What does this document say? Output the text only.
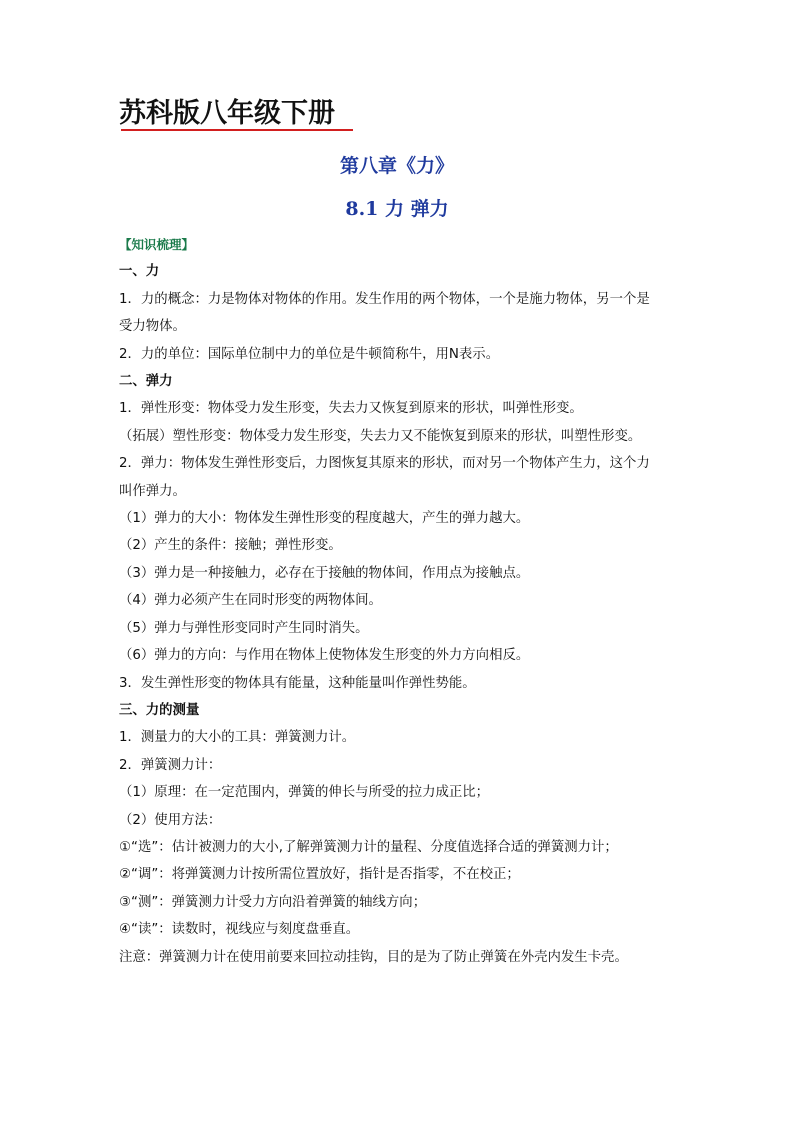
苏科版八年级下册
第八章《力》
8.1 力 弹力

【知识梳理】

一、力

1．力的概念：力是物体对物体的作用。发生作用的两个物体，一个是施力物体，另一个是

受力物体。

2．力的单位：国际单位制中力的单位是牛顿简称牛，用N表示。

二、弹力

1．弹性形变：物体受力发生形变，失去力又恢复到原来的形状，叫弹性形变。

（拓展）塑性形变：物体受力发生形变，失去力又不能恢复到原来的形状，叫塑性形变。

2．弹力：物体发生弹性形变后，力图恢复其原来的形状，而对另一个物体产生力，这个力

叫作弹力。

（1）弹力的大小：物体发生弹性形变的程度越大，产生的弹力越大。

（2）产生的条件：接触；弹性形变。

（3）弹力是一种接触力，必存在于接触的物体间，作用点为接触点。

（4）弹力必须产生在同时形变的两物体间。

（5）弹力与弹性形变同时产生同时消失。

（6）弹力的方向：与作用在物体上使物体发生形变的外力方向相反。

3．发生弹性形变的物体具有能量，这种能量叫作弹性势能。

三、力的测量

1．测量力的大小的工具：弹簧测力计。

2．弹簧测力计：

（1）原理：在一定范围内，弹簧的伸长与所受的拉力成正比；

（2）使用方法：

①“选”：估计被测力的大小,了解弹簧测力计的量程、分度值选择合适的弹簧测力计；

②“调”：将弹簧测力计按所需位置放好，指针是否指零，不在校正；

③“测”：弹簧测力计受力方向沿着弹簧的轴线方向；

④“读”：读数时，视线应与刻度盘垂直。

注意：弹簧测力计在使用前要来回拉动挂钩，目的是为了防止弹簧在外壳内发生卡壳。
